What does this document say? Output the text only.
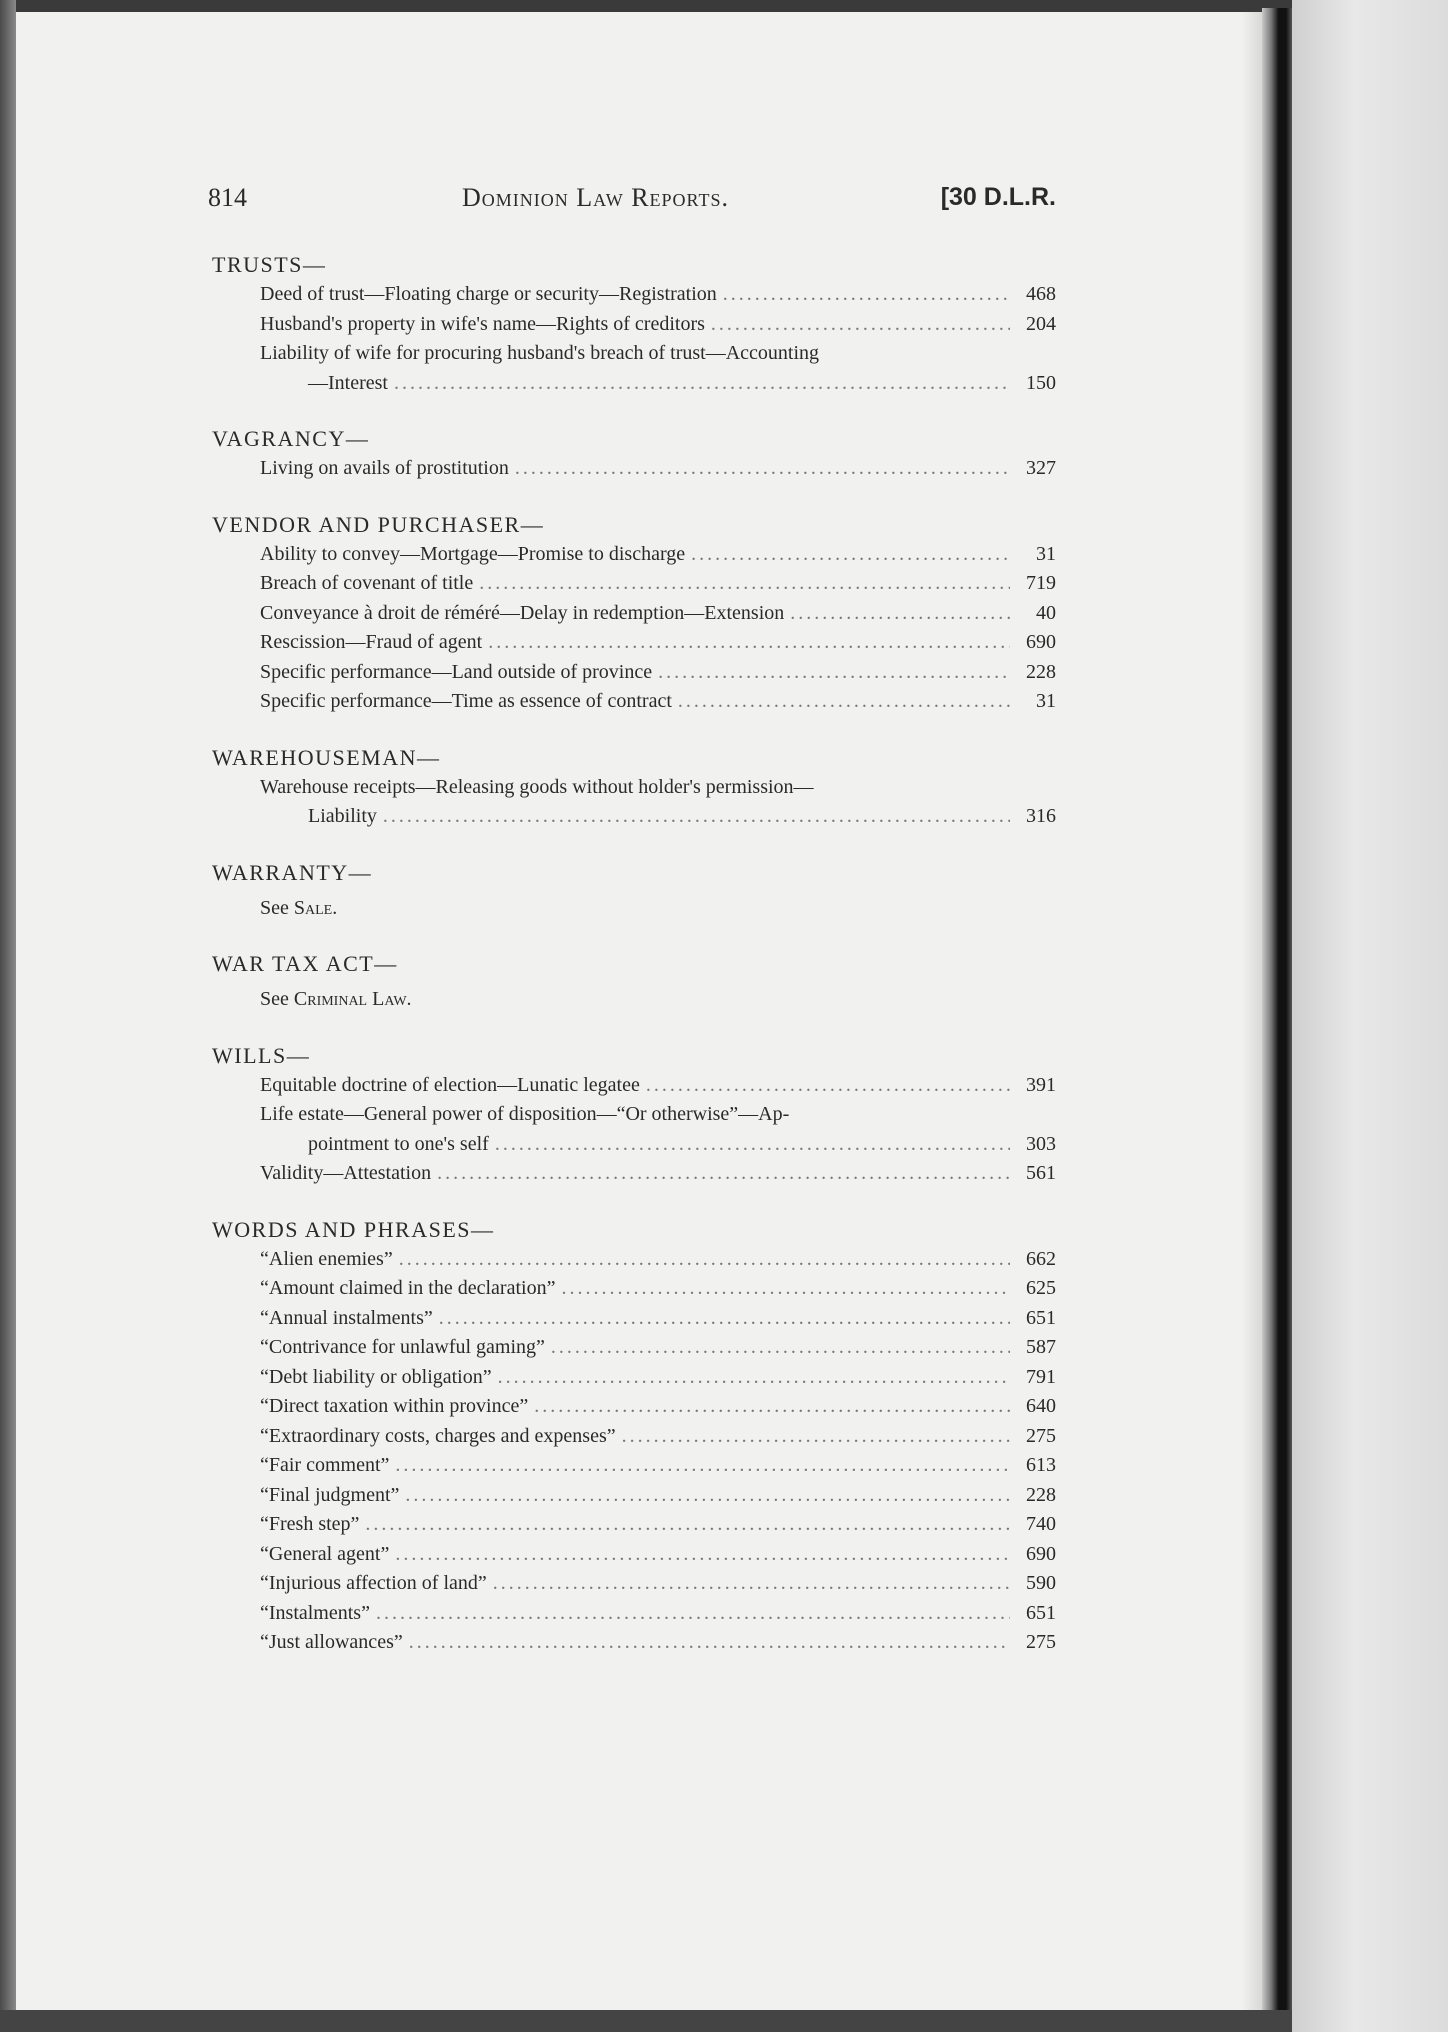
814	Dominion Law Reports.	[30 D.L.R.
TRUSTS—
Deed of trust—Floating charge or security—Registration .....	468
Husband's property in wife's name—Rights of creditors .....	204
Liability of wife for procuring husband's breach of trust—Accounting
—Interest .....	150
VAGRANCY—
Living on avails of prostitution .....	327
VENDOR AND PURCHASER—
Ability to convey—Mortgage—Promise to discharge .....	31
Breach of covenant of title .....	719
Conveyance à droit de réméré—Delay in redemption—Extension .....	40
Rescission—Fraud of agent .....	690
Specific performance—Land outside of province .....	228
Specific performance—Time as essence of contract .....	31
WAREHOUSEMAN—
Warehouse receipts—Releasing goods without holder's permission—
Liability .....	316
WARRANTY—
See Sale.
WAR TAX ACT—
See Criminal Law.
WILLS—
Equitable doctrine of election—Lunatic legatee .....	391
Life estate—General power of disposition—“Or otherwise”—Ap-
pointment to one's self .....	303
Validity—Attestation .....	561
WORDS AND PHRASES—
“Alien enemies” .....	662
“Amount claimed in the declaration” .....	625
“Annual instalments” .....	651
“Contrivance for unlawful gaming” .....	587
“Debt liability or obligation” .....	791
“Direct taxation within province” .....	640
“Extraordinary costs, charges and expenses” .....	275
“Fair comment” .....	613
“Final judgment” .....	228
“Fresh step” .....	740
“General agent” .....	690
“Injurious affection of land” .....	590
“Instalments” .....	651
“Just allowances” .....	275
